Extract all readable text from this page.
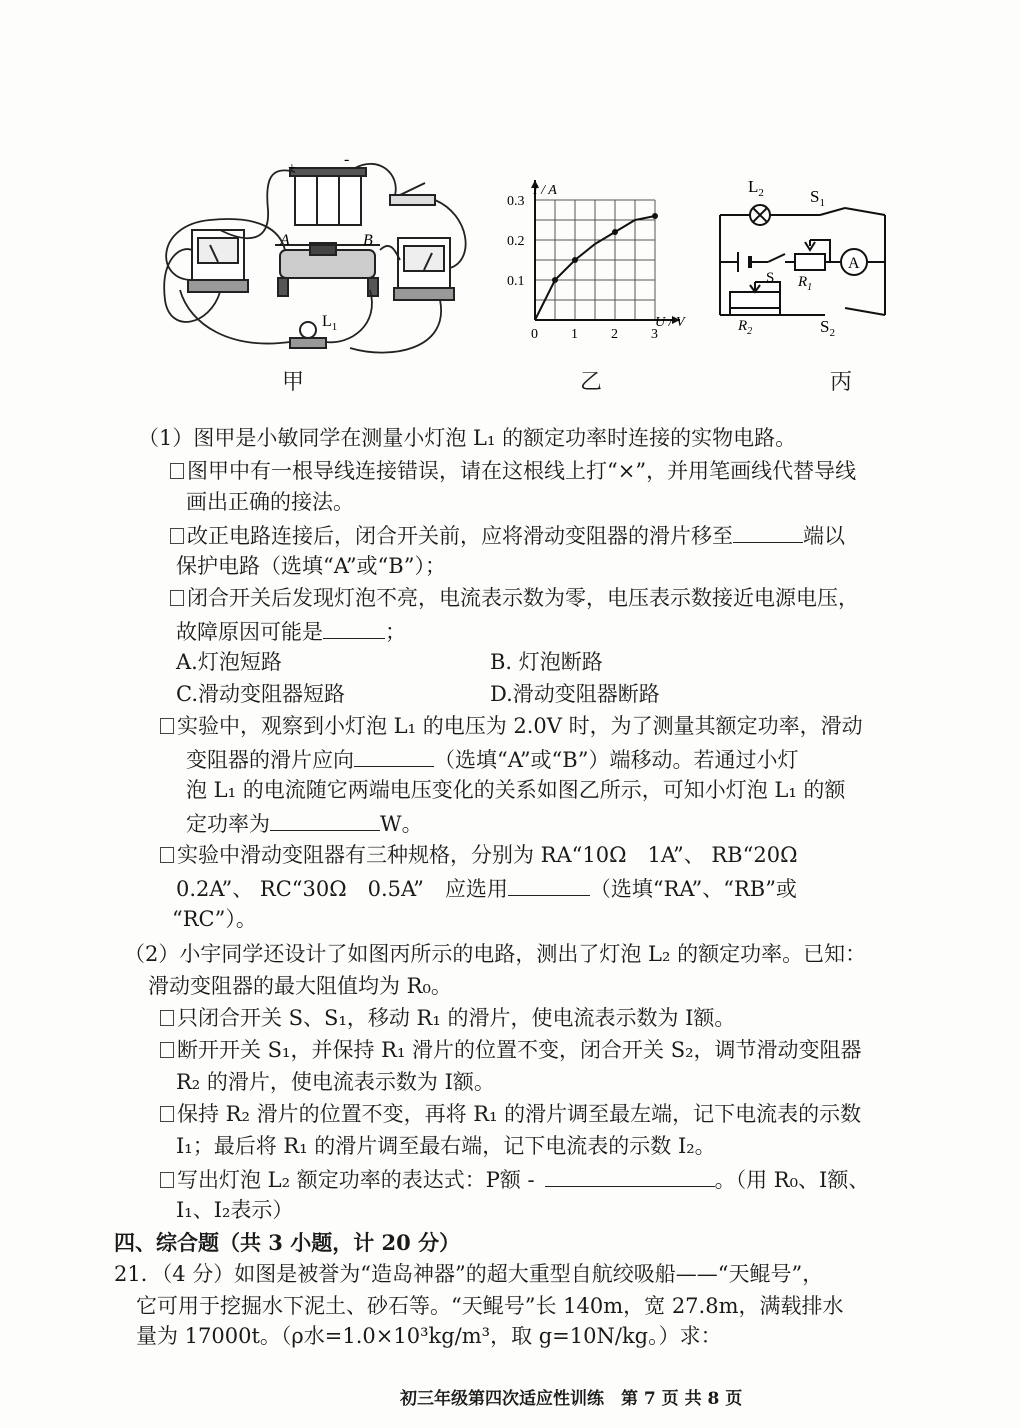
+
-
A	B
$L_1$
甲
0 1 2 3
0.1
0.2
0.3
I / A
U / V
乙
A
$L_2$	$S_1$
S $R_1$
$R_2$	$S_2$
丙
（1）图甲是小敏同学在测量小灯泡 L₁ 的额定功率时连接的实物电路。
图甲中有一根导线连接错误，请在这根线上打“×”，并用笔画线代替导线
画出正确的接法。
改正电路连接后，闭合开关前，应将滑动变阻器的滑片移至	端以
保护电路（选填“A”或“B”）；
闭合开关后发现灯泡不亮，电流表示数为零，电压表示数接近电源电压，
故障原因可能是	；
A.灯泡短路	B. 灯泡断路
C.滑动变阻器短路	D.滑动变阻器断路
实验中，观察到小灯泡 L₁ 的电压为 2.0V 时，为了测量其额定功率，滑动
变阻器的滑片应向	（选填“A”或“B”）端移动。若通过小灯
泡 L₁ 的电流随它两端电压变化的关系如图乙所示，可知小灯泡 L₁ 的额
定功率为	W。
实验中滑动变阻器有三种规格，分别为 RA“10Ω　1A”、 RB“20Ω
0.2A”、 RC“30Ω　0.5A”　应选用	（选填“RA”、“RB”或
“RC”）。
（2）小宇同学还设计了如图丙所示的电路，测出了灯泡 L₂ 的额定功率。已知：
滑动变阻器的最大阻值均为 R₀。
只闭合开关 S、S₁，移动 R₁ 的滑片，使电流表示数为 I额。
断开开关 S₁，并保持 R₁ 滑片的位置不变，闭合开关 S₂，调节滑动变阻器
R₂ 的滑片，使电流表示数为 I额。
保持 R₂ 滑片的位置不变，再将 R₁ 的滑片调至最左端，记下电流表的示数
I₁；最后将 R₁ 的滑片调至最右端，记下电流表的示数 I₂。
写出灯泡 L₂ 额定功率的表达式：P额 -	。（用 R₀、I额、
I₁、I₂表示）
四、综合题（共 3 小题，计 20 分）
21．（4 分）如图是被誉为“造岛神器”的超大重型自航绞吸船——“天鲲号”，
它可用于挖掘水下泥土、砂石等。“天鲲号”长 140m，宽 27.8m，满载排水
量为 17000t。（ρ水=1.0×10³kg/m³，取 g=10N/kg。）求：
初三年级第四次适应性训练　第 7 页 共 8 页
